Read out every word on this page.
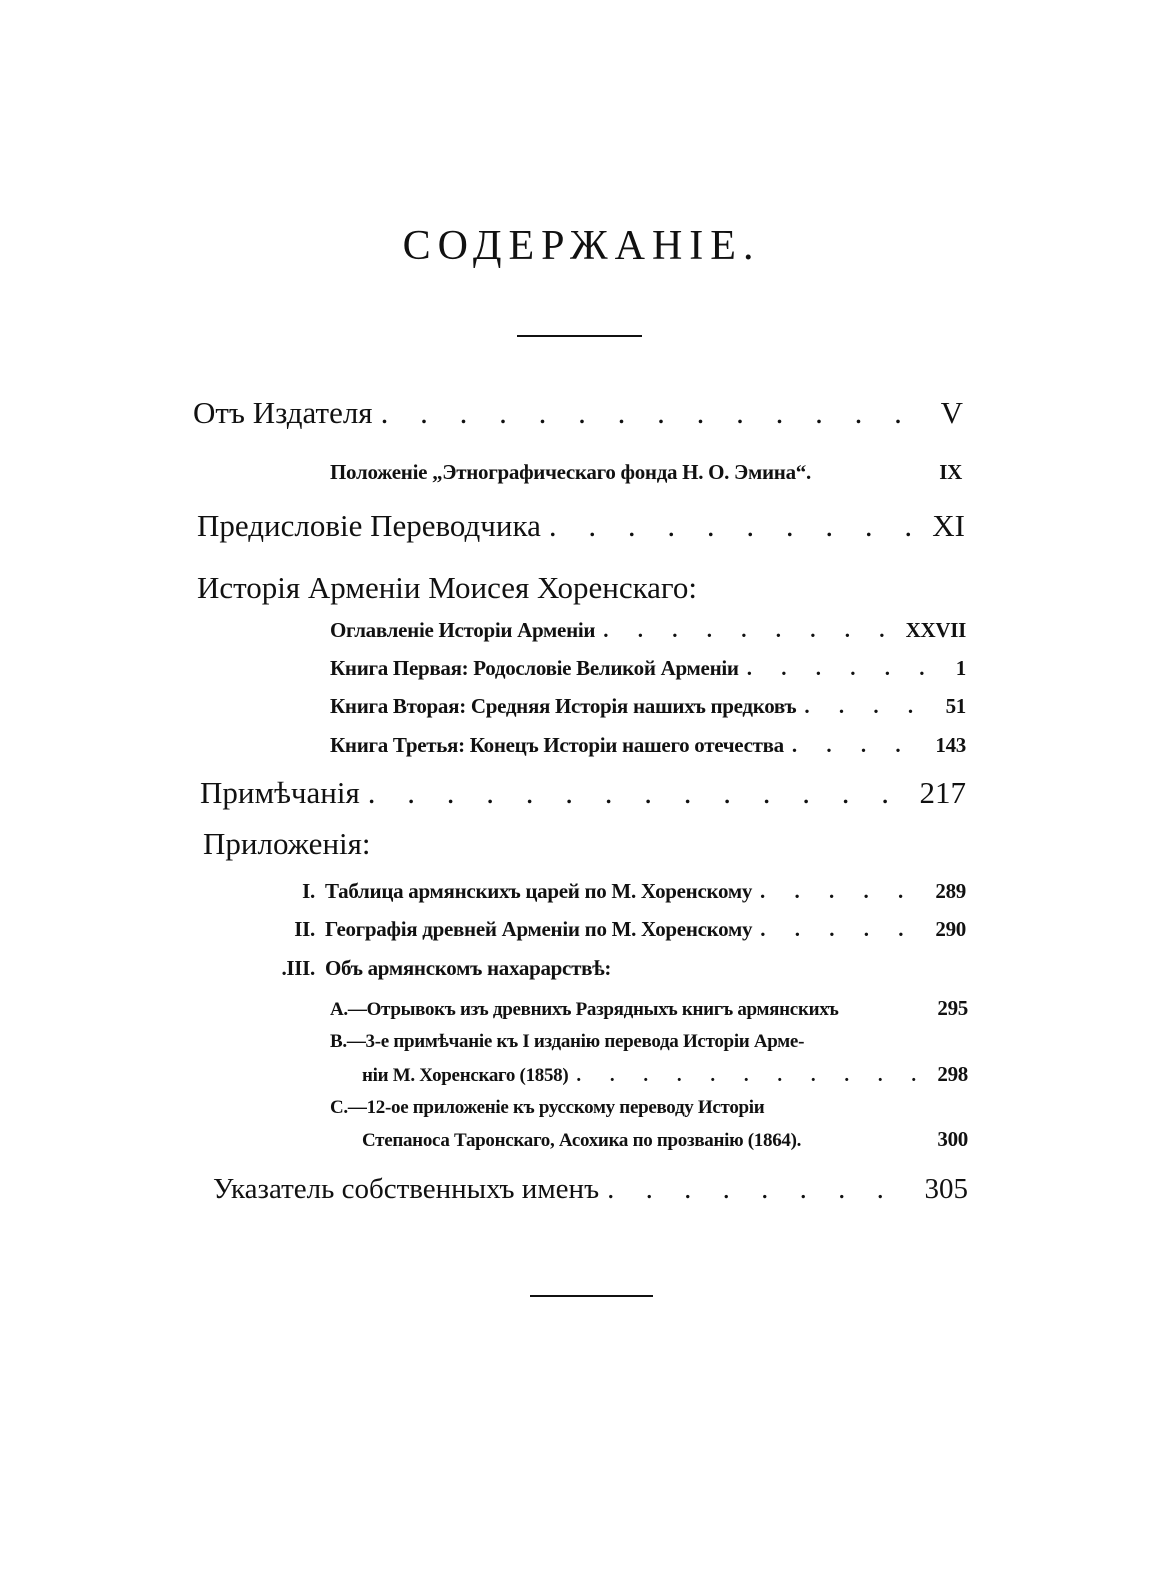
СОДЕРЖАНІЕ.
Отъ Издателя . . .	V
Положеніе „Этнографическаго фонда Н. О. Эмина“.	IX
Предисловіе Переводчика . . .	XI
Исторія Арменіи Моисея Хоренскаго:
Оглавленіе Исторіи Арменіи . . .	XXVII
Книга Первая: Родословіе Великой Арменіи . . .	1
Книга Вторая: Средняя Исторія нашихъ предковъ . . .	51
Книга Третья: Конецъ Исторіи нашего отечества . . .	143
Примѣчанія . . .	217
Приложенія:
I. Таблица армянскихъ царей по М. Хоренскому . . .	289
II. Географія древней Арменіи по М. Хоренскому . . .	290
.III. Объ армянскомъ нахарарствѣ:
A.—Отрывокъ изъ древнихъ Разрядныхъ книгъ армянскихъ	295
B.—3-е примѣчаніе къ I изданію перевода Исторіи Арме-
ніи М. Хоренскаго (1858) . . .	298
C.—12-ое приложеніе къ русскому переводу Исторіи
Степаноса Таронскаго, Асохика по прозванію (1864).	300
Указатель собственныхъ именъ . . .	305
